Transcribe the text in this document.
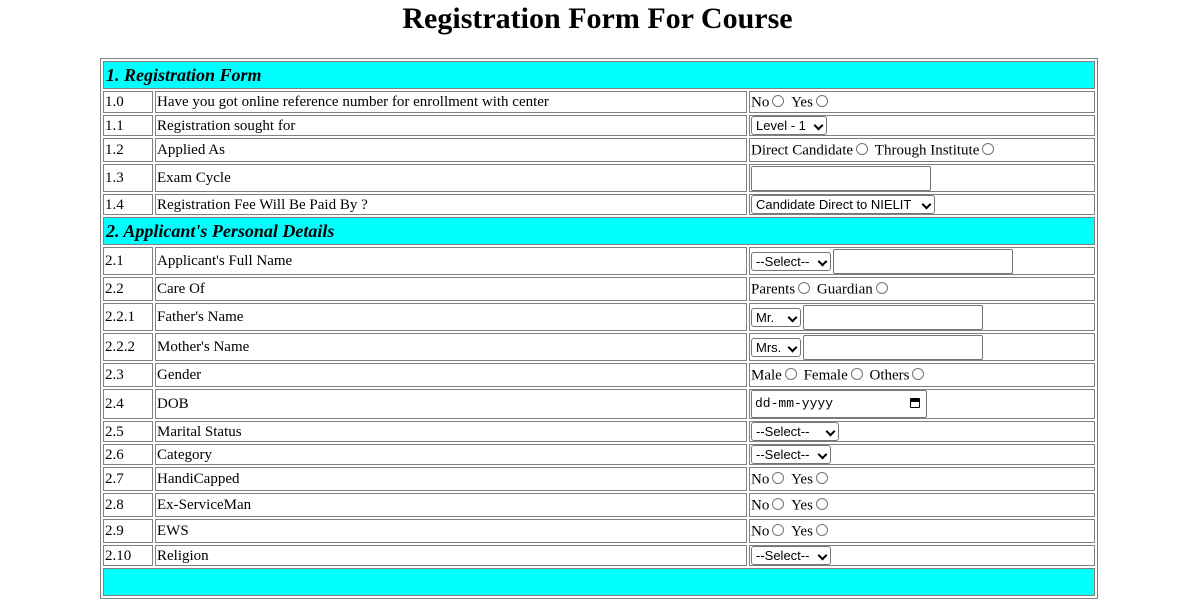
Registration Form For Course
1. Registration Form		
1.0	Have you got online reference number for enrollment with center	No Yes
1.1	Registration sought for	Level - 1

1.2	Applied As	Direct Candidate Through Institute
1.3	Exam Cycle	
1.4	Registration Fee Will Be Paid By ?	Candidate Direct to NIELIT

2. Applicant's Personal Details		
2.1	Applicant's Full Name	--Select--

2.2	Care Of	Parents Guardian
2.2.1	Father's Name	Mr.

2.2.2	Mother's Name	Mrs.

2.3	Gender	Male Female Others
2.4	DOB	dd-mm-yyyy

2.5	Marital Status	--Select--

2.6	Category	--Select--

2.7	HandiCapped	No Yes
2.8	Ex-ServiceMan	No Yes
2.9	EWS	No Yes
2.10	Religion	--Select--
